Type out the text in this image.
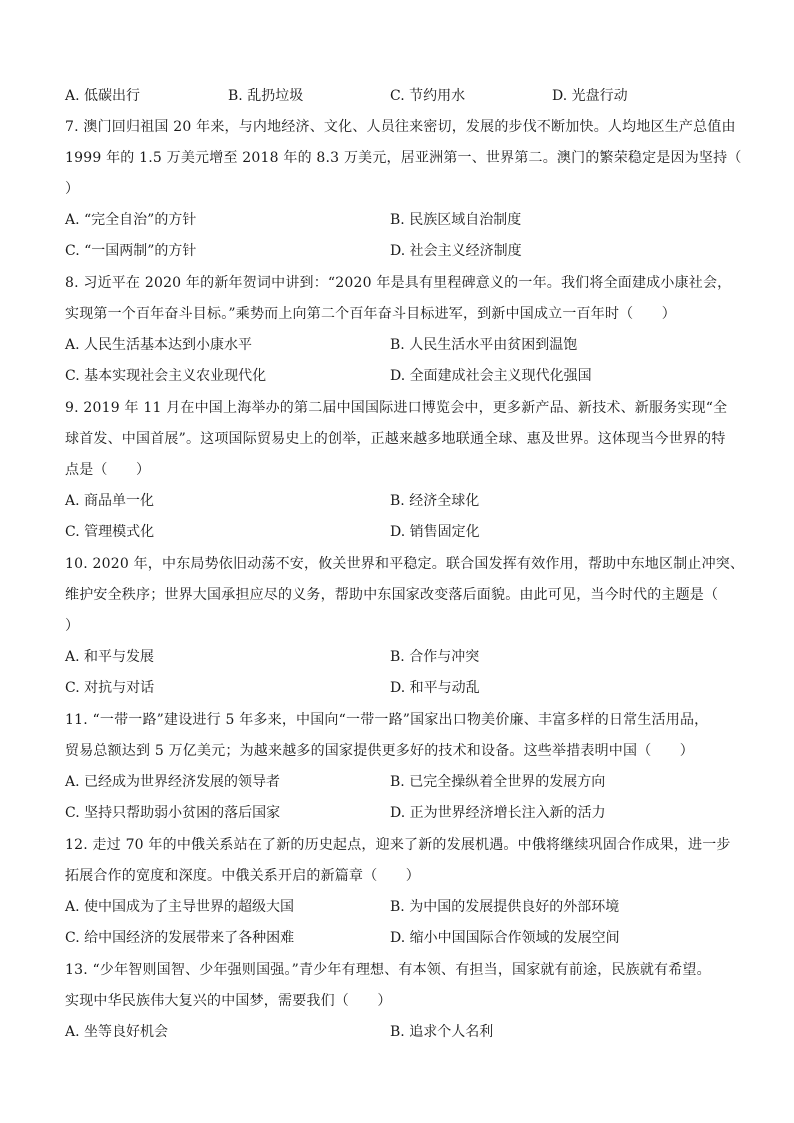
A. 低碳出行	B. 乱扔垃圾	C. 节约用水	D. 光盘行动
7. 澳门回归祖国 20 年来，与内地经济、文化、人员往来密切，发展的步伐不断加快。人均地区生产总值由
1999 年的 1.5 万美元增至 2018 年的 8.3 万美元，居亚洲第一、世界第二。澳门的繁荣稳定是因为坚持（
）
A. “完全自治”的方针	B. 民族区域自治制度
C. “一国两制”的方针	D. 社会主义经济制度
8. 习近平在 2020 年的新年贺词中讲到：“2020 年是具有里程碑意义的一年。我们将全面建成小康社会，
实现第一个百年奋斗目标。”乘势而上向第二个百年奋斗目标进军，到新中国成立一百年时（　　）
A. 人民生活基本达到小康水平	B. 人民生活水平由贫困到温饱
C. 基本实现社会主义农业现代化	D. 全面建成社会主义现代化强国
9. 2019 年 11 月在中国上海举办的第二届中国国际进口博览会中，更多新产品、新技术、新服务实现“全
球首发、中国首展”。这项国际贸易史上的创举，正越来越多地联通全球、惠及世界。这体现当今世界的特
点是（　　）
A. 商品单一化	B. 经济全球化
C. 管理模式化	D. 销售固定化
10. 2020 年，中东局势依旧动荡不安，攸关世界和平稳定。联合国发挥有效作用，帮助中东地区制止冲突、
维护安全秩序；世界大国承担应尽的义务，帮助中东国家改变落后面貌。由此可见，当今时代的主题是（
）
A. 和平与发展	B. 合作与冲突
C. 对抗与对话	D. 和平与动乱
11. “一带一路”建设进行 5 年多来，中国向“一带一路”国家出口物美价廉、丰富多样的日常生活用品，
贸易总额达到 5 万亿美元；为越来越多的国家提供更多好的技术和设备。这些举措表明中国（　　）
A. 已经成为世界经济发展的领导者	B. 已完全操纵着全世界的发展方向
C. 坚持只帮助弱小贫困的落后国家	D. 正为世界经济增长注入新的活力
12. 走过 70 年的中俄关系站在了新的历史起点，迎来了新的发展机遇。中俄将继续巩固合作成果，进一步
拓展合作的宽度和深度。中俄关系开启的新篇章（　　）
A. 使中国成为了主导世界的超级大国	B. 为中国的发展提供良好的外部环境
C. 给中国经济的发展带来了各种困难	D. 缩小中国国际合作领域的发展空间
13. “少年智则国智、少年强则国强。”青少年有理想、有本领、有担当，国家就有前途，民族就有希望。
实现中华民族伟大复兴的中国梦，需要我们（　　）
A. 坐等良好机会	B. 追求个人名利
